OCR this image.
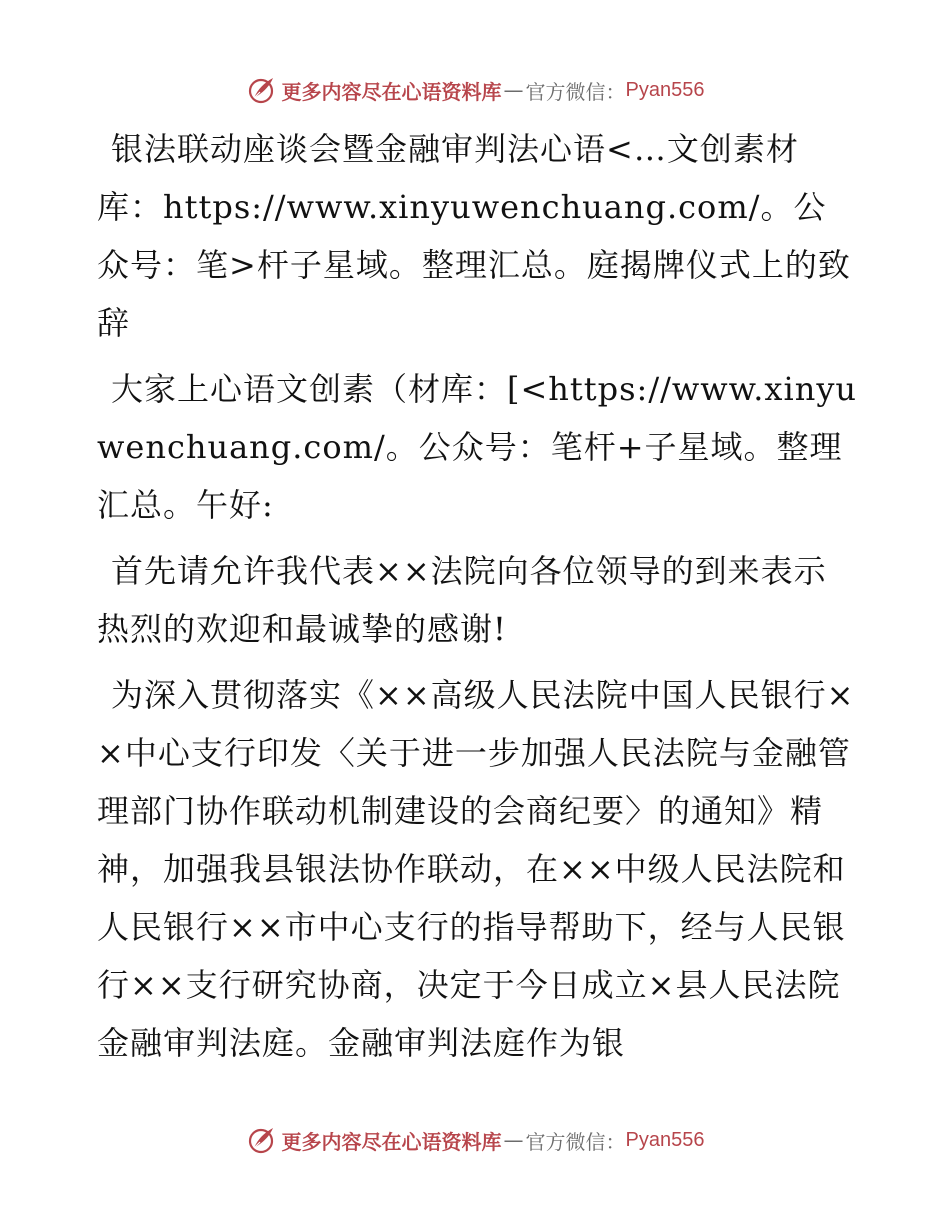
更多内容尽在心语资料库 — 官方微信： Pyan556

银法联动座谈会暨金融审判法心语<…文创素材库：https://www.xinyuwenchuang.com/。公众号：笔>杆子星域。整理汇总。庭揭牌仪式上的致辞

大家上心语文创素（材库：[<https://www.xinyuwenchuang.com/。公众号：笔杆+子星域。整理汇总。午好:

首先请允许我代表××法院向各位领导的到来表示热烈的欢迎和最诚挚的感谢!

为深入贯彻落实《××高级人民法院中国人民银行××中心支行印发〈关于进一步加强人民法院与金融管理部门协作联动机制建设的会商纪要〉的通知》精神，加强我县银法协作联动，在××中级人民法院和人民银行××市中心支行的指导帮助下，经与人民银行××支行研究协商，决定于今日成立×县人民法院金融审判法庭。金融审判法庭作为银

更多内容尽在心语资料库 — 官方微信： Pyan556
